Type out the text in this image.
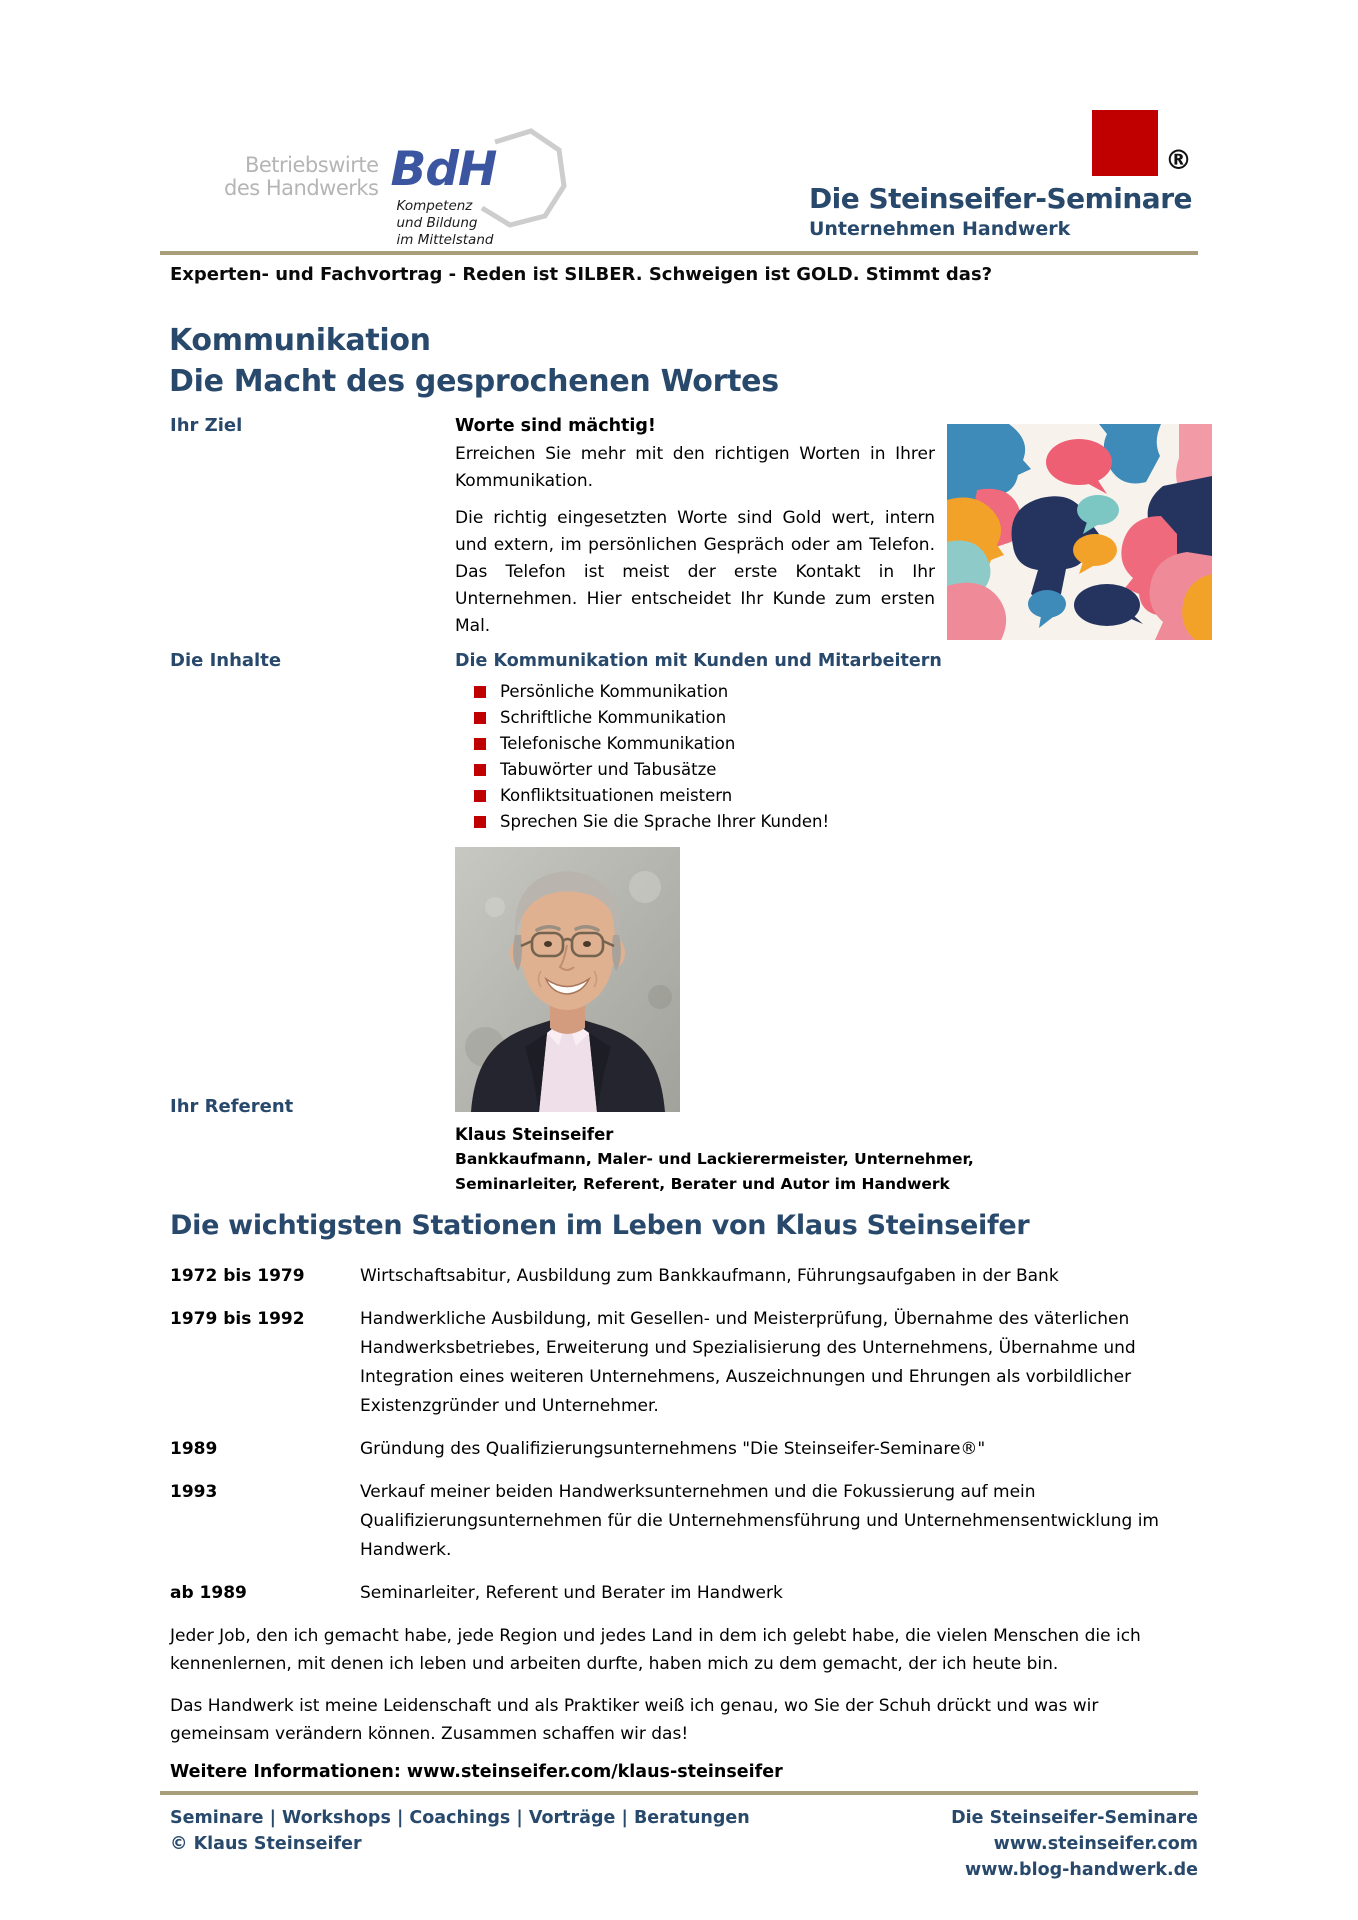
Betriebswirte
des Handwerks BdH
Kompetenz
und Bildung
im Mittelstand
®
Die Steinseifer-Seminare
Unternehmen Handwerk
Experten- und Fachvortrag - Reden ist SILBER. Schweigen ist GOLD. Stimmt das?
Kommunikation
Die Macht des gesprochenen Wortes
Ihr Ziel	Worte sind mächtig!

Erreichen Sie mehr mit den richtigen Worten in Ihrer Kommunikation.

Die richtig eingesetzten Worte sind Gold wert, intern und extern, im persönlichen Gespräch oder am Telefon. Das Telefon ist meist der erste Kontakt in Ihr Unternehmen. Hier entscheidet Ihr Kunde zum ersten Mal.

Die Inhalte	Die Kommunikation mit Kunden und Mitarbeitern
Persönliche Kommunikation
Schriftliche Kommunikation
Telefonische Kommunikation
Tabuwörter und Tabusätze
Konfliktsituationen meistern
Sprechen Sie die Sprache Ihrer Kunden!
Ihr Referent
Klaus Steinseifer
Bankkaufmann, Maler- und Lackierermeister, Unternehmer,
Seminarleiter, Referent, Berater und Autor im Handwerk
Die wichtigsten Stationen im Leben von Klaus Steinseifer
1972 bis 1979	Wirtschaftsabitur, Ausbildung zum Bankkaufmann, Führungsaufgaben in der Bank
1979 bis 1992	Handwerkliche Ausbildung, mit Gesellen- und Meisterprüfung, Übernahme des väterlichen Handwerksbetriebes, Erweiterung und Spezialisierung des Unternehmens, Übernahme und Integration eines weiteren Unternehmens, Auszeichnungen und Ehrungen als vorbildlicher Existenzgründer und Unternehmer.
1989	Gründung des Qualifizierungsunternehmens "Die Steinseifer-Seminare®"
1993	Verkauf meiner beiden Handwerksunternehmen und die Fokussierung auf mein Qualifizierungsunternehmen für die Unternehmensführung und Unternehmensentwicklung im Handwerk.
ab 1989	Seminarleiter, Referent und Berater im Handwerk

Jeder Job, den ich gemacht habe, jede Region und jedes Land in dem ich gelebt habe, die vielen Menschen die ich kennenlernen, mit denen ich leben und arbeiten durfte, haben mich zu dem gemacht, der ich heute bin.

Das Handwerk ist meine Leidenschaft und als Praktiker weiß ich genau, wo Sie der Schuh drückt und was wir gemeinsam verändern können. Zusammen schaffen wir das!

Weitere Informationen: www.steinseifer.com/klaus-steinseifer

Seminare | Workshops | Coachings | Vorträge | Beratungen
© Klaus Steinseifer
Die Steinseifer-Seminare
www.steinseifer.com
www.blog-handwerk.de
